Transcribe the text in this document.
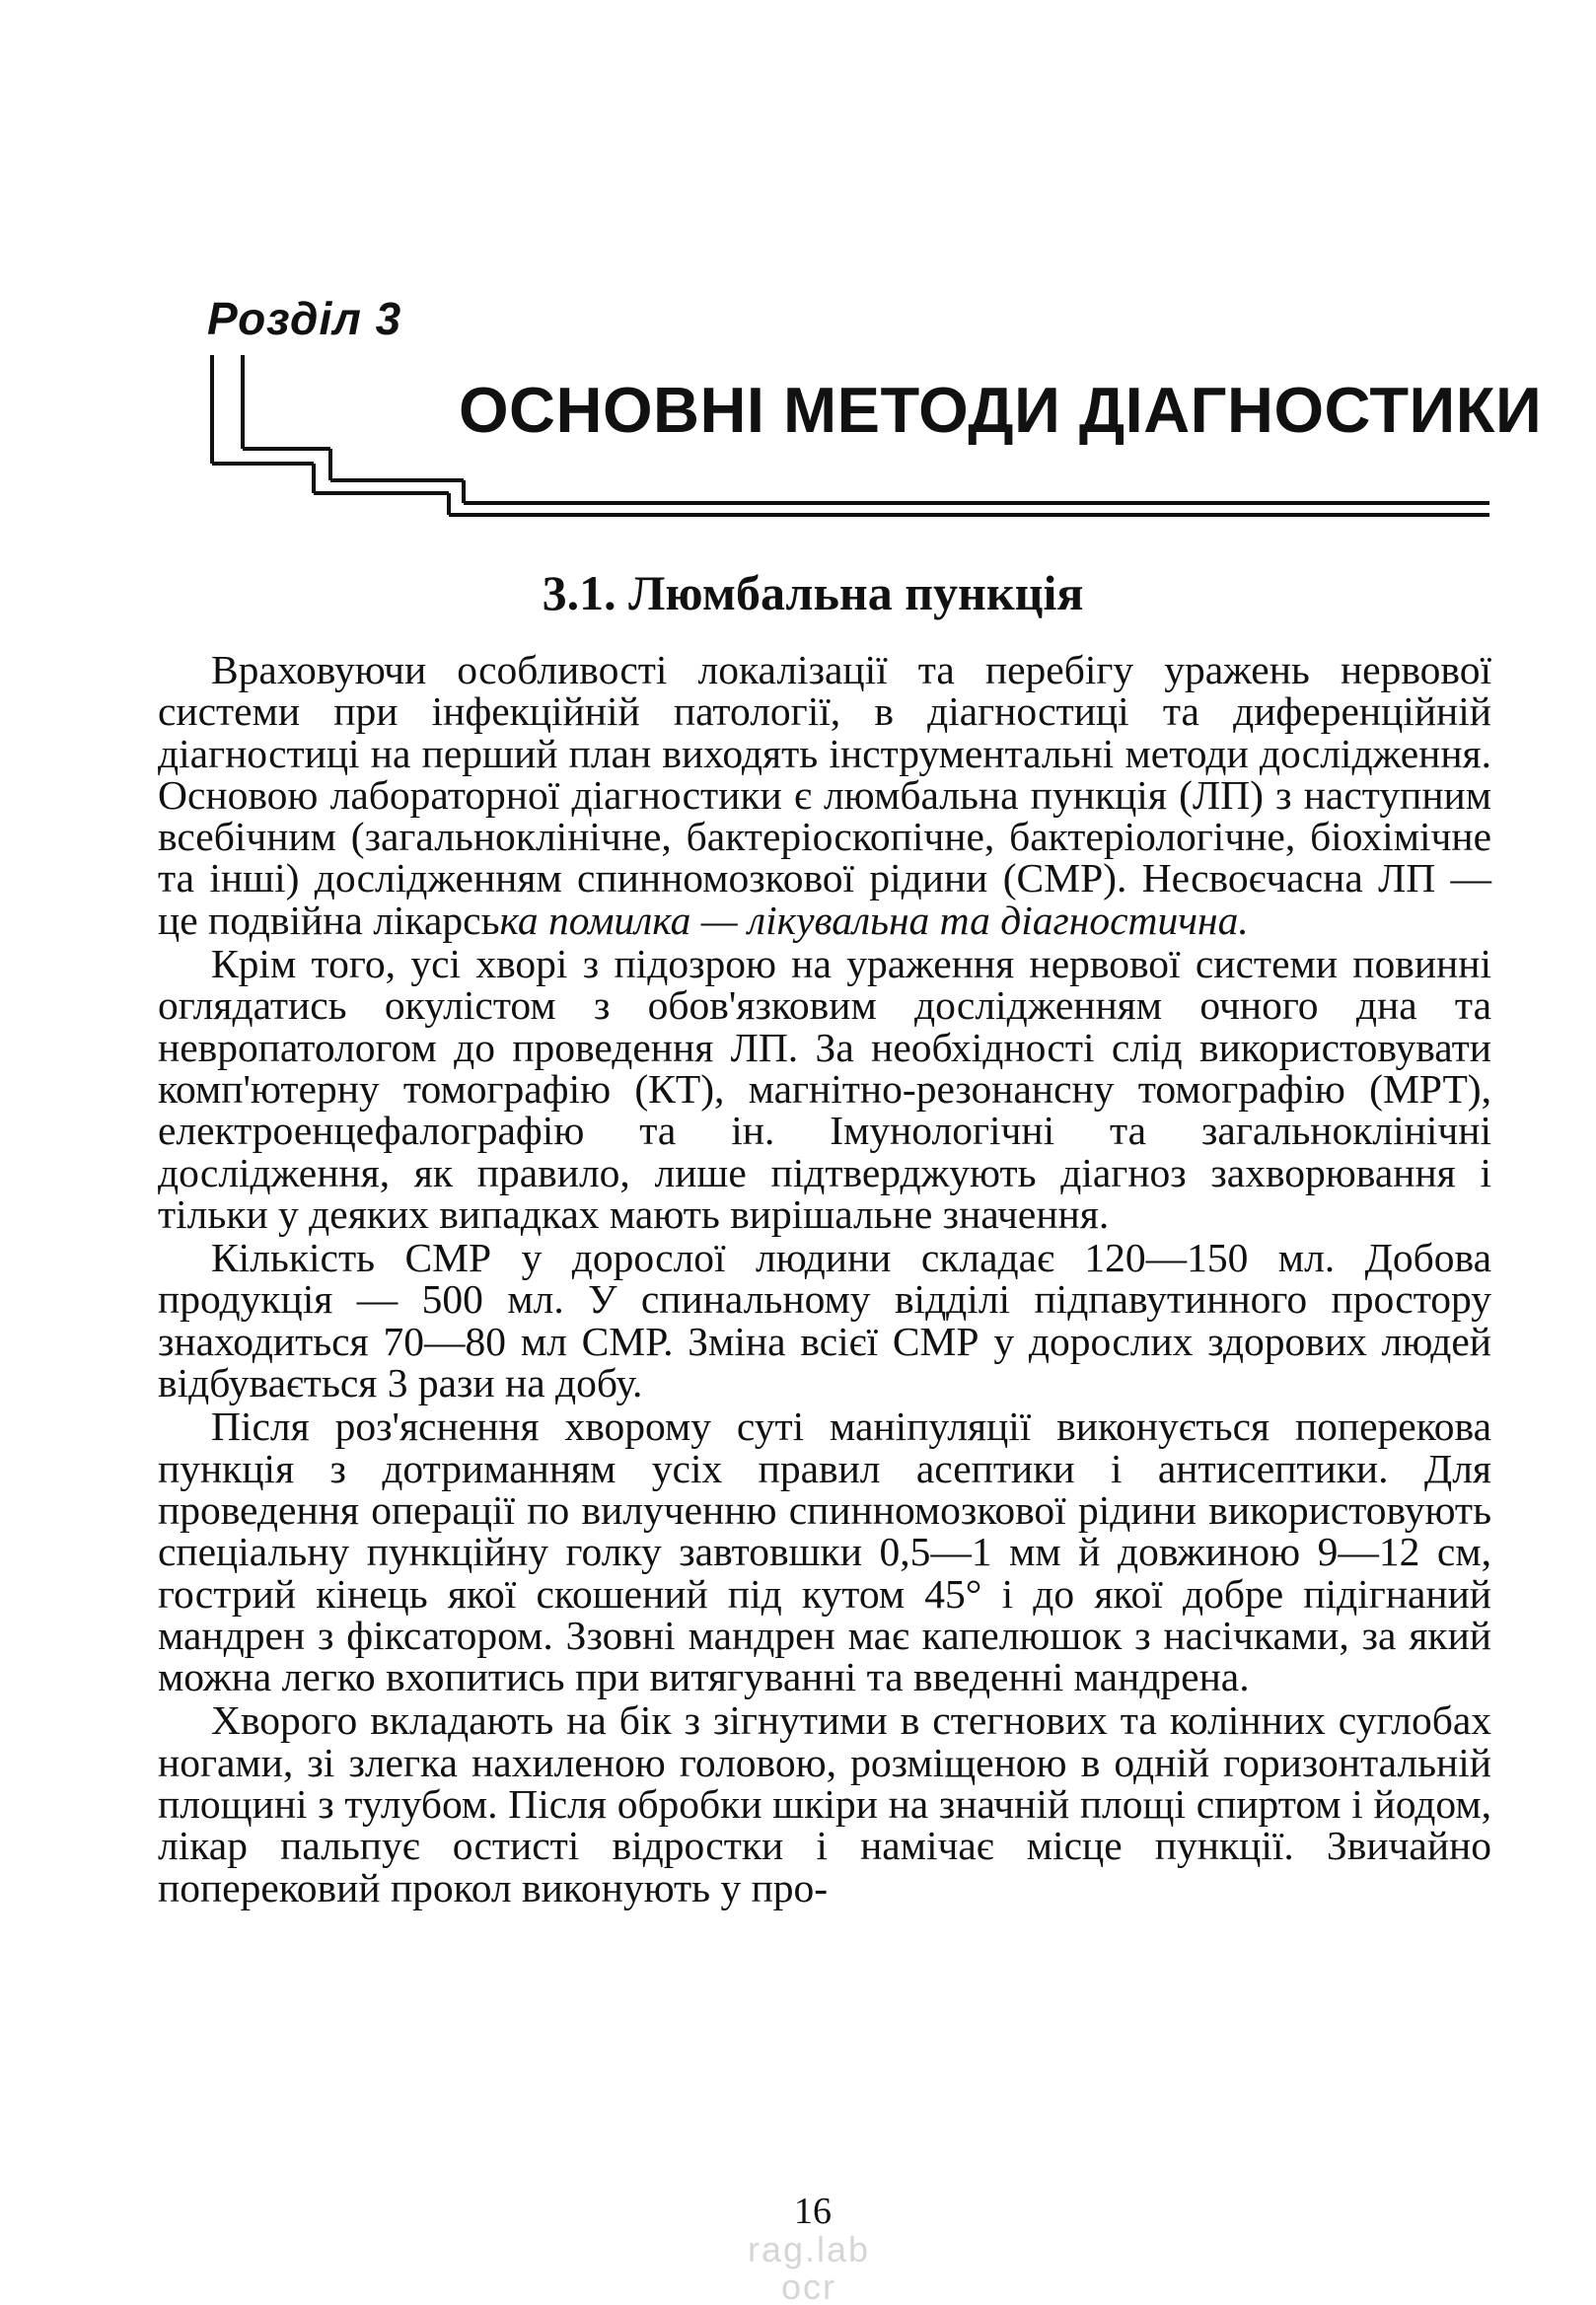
Розділ 3
ОСНОВНІ МЕТОДИ ДІАГНОСТИКИ
3.1. Люмбальна пункція

Враховуючи особливості локалізації та перебігу уражень нервової системи при інфекційній патології, в діагностиці та диференційній діагностиці на перший план виходять інструментальні методи дослідження. Основою лабораторної діагностики є люмбальна пункція (ЛП) з наступним всебічним (загальноклінічне, бактеріоскопічне, бактеріологічне, біохімічне та інші) дослідженням спинномозкової рідини (СМР). Несвоєчасна ЛП — це подвійна лікарська помилка — лікувальна та діагностична.

Крім того, усі хворі з підозрою на ураження нервової системи повинні оглядатись окулістом з обов'язковим дослідженням очного дна та невропатологом до проведення ЛП. За необхідності слід використовувати комп'ютерну томографію (КТ), магнітно-резонансну томографію (МРТ), електроенцефалографію та ін. Імунологічні та загальноклінічні дослідження, як правило, лише підтверджують діагноз захворювання і тільки у деяких випадках мають вирішальне значення.

Кількість СМР у дорослої людини складає 120—150 мл. Добова продукція — 500 мл. У спинальному відділі підпавутинного простору знаходиться 70—80 мл СМР. Зміна всієї СМР у дорослих здорових людей відбувається 3 рази на добу.

Після роз'яснення хворому суті маніпуляції виконується поперекова пункція з дотриманням усіх правил асептики і антисептики. Для проведення операції по вилученню спинномозкової рідини використовують спеціальну пункційну голку завтовшки 0,5—1 мм й довжиною 9—12 см, гострий кінець якої скошений під кутом 45° і до якої добре підігнаний мандрен з фіксатором. Ззовні мандрен має капелюшок з насічками, за який можна легко вхопитись при витягуванні та введенні мандрена.

Хворого вкладають на бік з зігнутими в стегнових та колінних суглобах ногами, зі злегка нахиленою головою, розміщеною в одній горизонтальній площині з тулубом. Після обробки шкіри на значній площі спиртом і йодом, лікар пальпує остисті відростки і намічає місце пункції. Звичайно поперековий прокол виконують у про-

16
rag.lab
ocr
